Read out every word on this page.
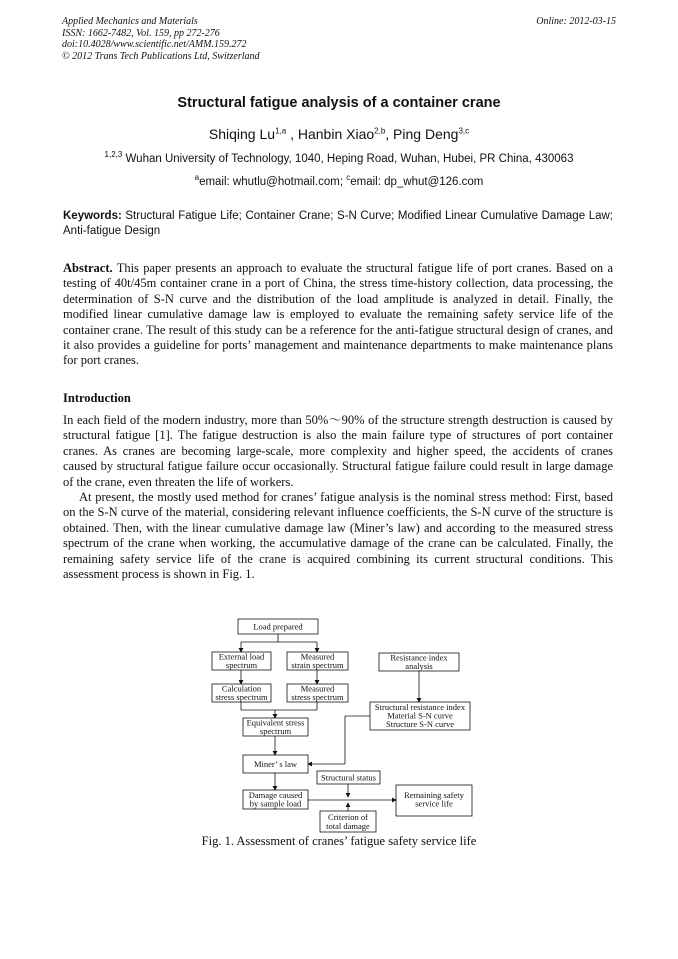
Applied Mechanics and Materials
ISSN: 1662-7482, Vol. 159, pp 272-276
doi:10.4028/www.scientific.net/AMM.159.272
© 2012 Trans Tech Publications Ltd, Switzerland
Online: 2012-03-15
Structural fatigue analysis of a container crane
Shiqing Lu$^{1,a}$ , Hanbin Xiao$^{2,b}$, Ping Deng$^{3,c}$
$^{1,2,3}$ Wuhan University of Technology, 1040, Heping Road, Wuhan, Hubei, PR China, 430063
$^a$email: whutlu@hotmail.com; $^c$email: dp_whut@126.com
Keywords: Structural Fatigue Life; Container Crane; S-N Curve; Modified Linear Cumulative Damage Law; Anti-fatigue Design
Abstract. This paper presents an approach to evaluate the structural fatigue life of port cranes. Based on a testing of 40t/45m container crane in a port of China, the stress time-history collection, data processing, the determination of S-N curve and the distribution of the load amplitude is analyzed in detail. Finally, the modified linear cumulative damage law is employed to evaluate the remaining safety service life of the container crane. The result of this study can be a reference for the anti-fatigue structural design of cranes, and it also provides a guideline for ports’ management and maintenance departments to make maintenance plans for port cranes.
Introduction

In each field of the modern industry, more than 50%～90% of the structure strength destruction is caused by structural fatigue [1]. The fatigue destruction is also the main failure type of structures of port container cranes. As cranes are becoming large-scale, more complexity and higher speed, the accidents of cranes caused by structural fatigue failure occur occasionally. Structural fatigue failure could result in large damage of the crane, even threaten the life of workers.

At present, the mostly used method for cranes’ fatigue analysis is the nominal stress method: First, based on the S-N curve of the material, considering relevant influence coefficients, the S-N curve of the structure is obtained. Then, with the linear cumulative damage law (Miner’s law) and according to the measured stress spectrum of the crane when working, the accumulative damage of the crane can be calculated. Finally, the remaining safety service life of the crane is acquired combining its current structural conditions. This assessment process is shown in Fig. 1.

Load prepared
External load
spectrum
Measured
strain spectrum
Resistance index
analysis
Calculation
stress spectrum
Measured
stress spectrum
Structural resistance index
Material S-N curve
Structure S-N curve
Equivalent stress
spectrum
Miner’ s law
Structural status
Damage caused
by sample load
Remaining safety
service life
Criterion of
total damage
Fig. 1. Assessment of cranes’ fatigue safety service life
